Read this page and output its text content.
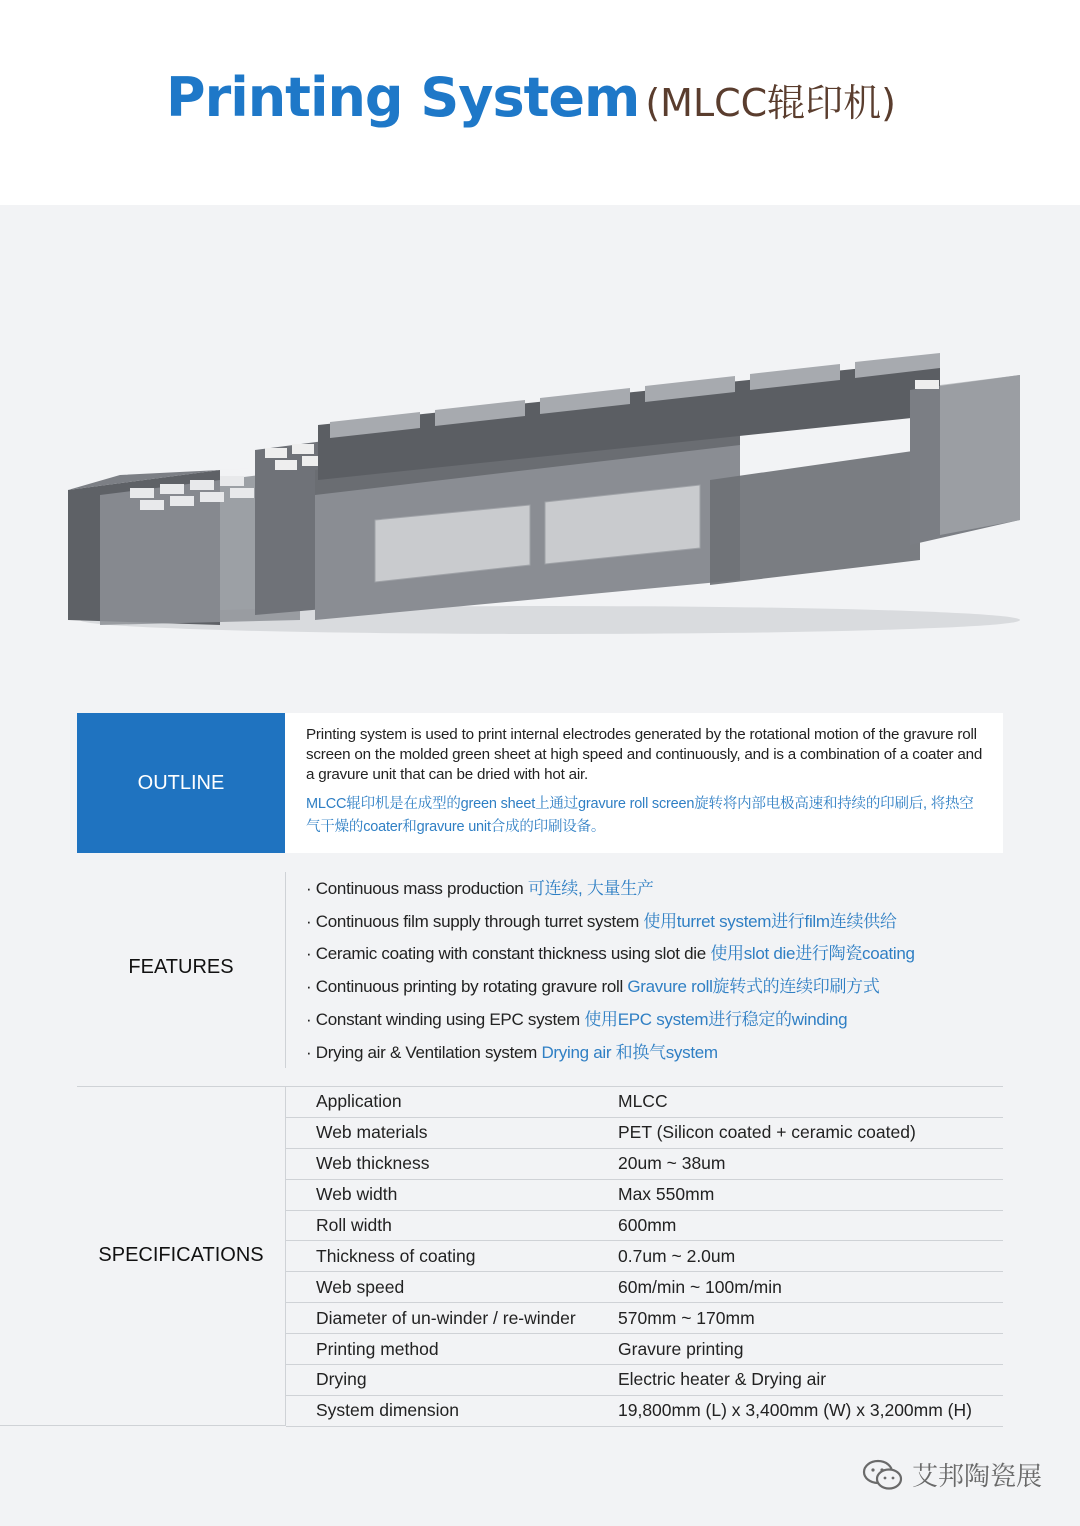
Printing System (MLCC辊印机)
OUTLINE

Printing system is used to print internal electrodes generated by the rotational motion of the gravure roll screen on the molded green sheet at high speed and continuously, and is a combination of a coater and a gravure unit that can be dried with hot air.

MLCC辊印机是在成型的green sheet上通过gravure roll screen旋转将内部电极高速和持续的印刷后, 将热空气干燥的coater和gravure unit合成的印刷设备。

FEATURES
· Continuous mass production 可连续, 大量生产
· Continuous film supply through turret system 使用turret system进行film连续供给
· Ceramic coating with constant thickness using slot die 使用slot die进行陶瓷coating
· Continuous printing by rotating gravure roll Gravure roll旋转式的连续印刷方式
· Constant winding using EPC system 使用EPC system进行稳定的winding
· Drying air & Ventilation system Drying air 和换气system
SPECIFICATIONS
Application	MLCC
Web materials	PET (Silicon coated + ceramic coated)
Web thickness	20um ~ 38um
Web width	Max 550mm
Roll width	600mm
Thickness of coating	0.7um ~ 2.0um
Web speed	60m/min ~ 100m/min
Diameter of un-winder / re-winder	570mm ~ 170mm
Printing method	Gravure printing
Drying	Electric heater & Drying air
System dimension	19,800mm (L) x 3,400mm (W) x 3,200mm (H)
艾邦陶瓷展
